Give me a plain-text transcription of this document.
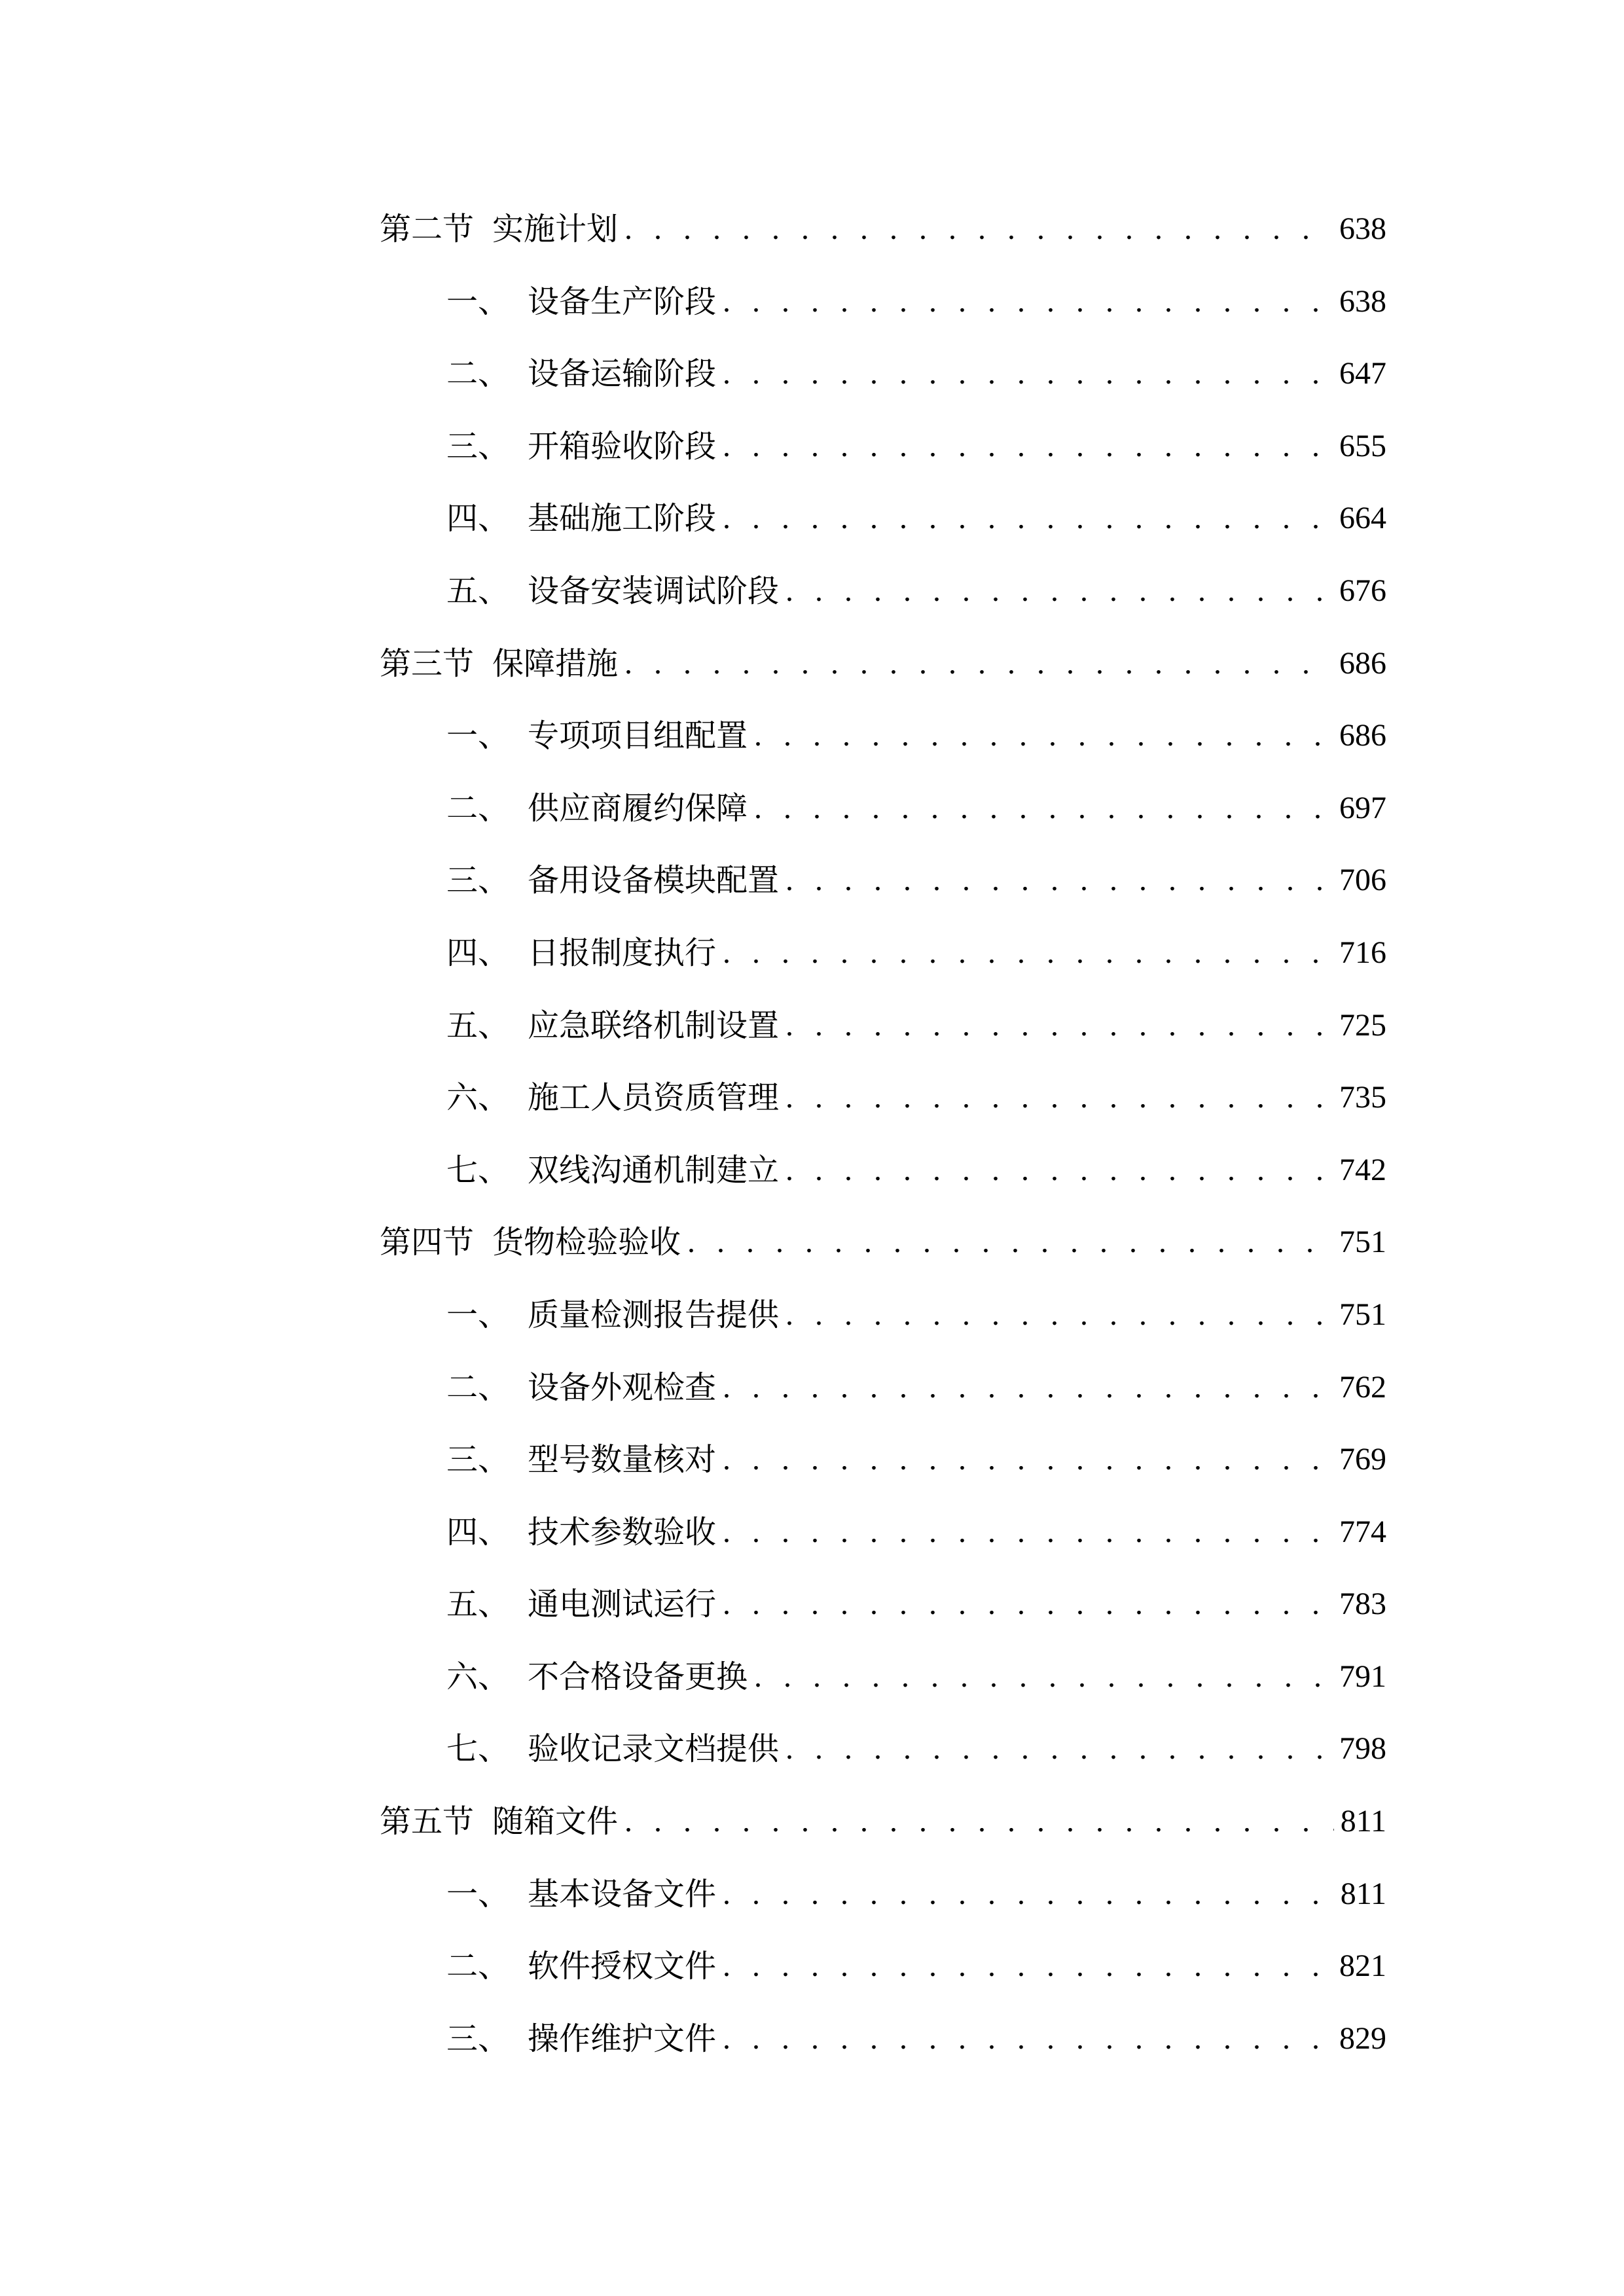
第二节 实施计划 . . .	638
一、 设备生产阶段 . . .	638
二、 设备运输阶段 . . .	647
三、 开箱验收阶段 . . .	655
四、 基础施工阶段 . . .	664
五、 设备安装调试阶段 . . .	676
第三节 保障措施 . . .	686
一、 专项项目组配置 . . .	686
二、 供应商履约保障 . . .	697
三、 备用设备模块配置 . . .	706
四、 日报制度执行 . . .	716
五、 应急联络机制设置 . . .	725
六、 施工人员资质管理 . . .	735
七、 双线沟通机制建立 . . .	742
第四节 货物检验验收 . . .	751
一、 质量检测报告提供 . . .	751
二、 设备外观检查 . . .	762
三、 型号数量核对 . . .	769
四、 技术参数验收 . . .	774
五、 通电测试运行 . . .	783
六、 不合格设备更换 . . .	791
七、 验收记录文档提供 . . .	798
第五节 随箱文件 . . .	811
一、 基本设备文件 . . .	811
二、 软件授权文件 . . .	821
三、 操作维护文件 . . .	829
